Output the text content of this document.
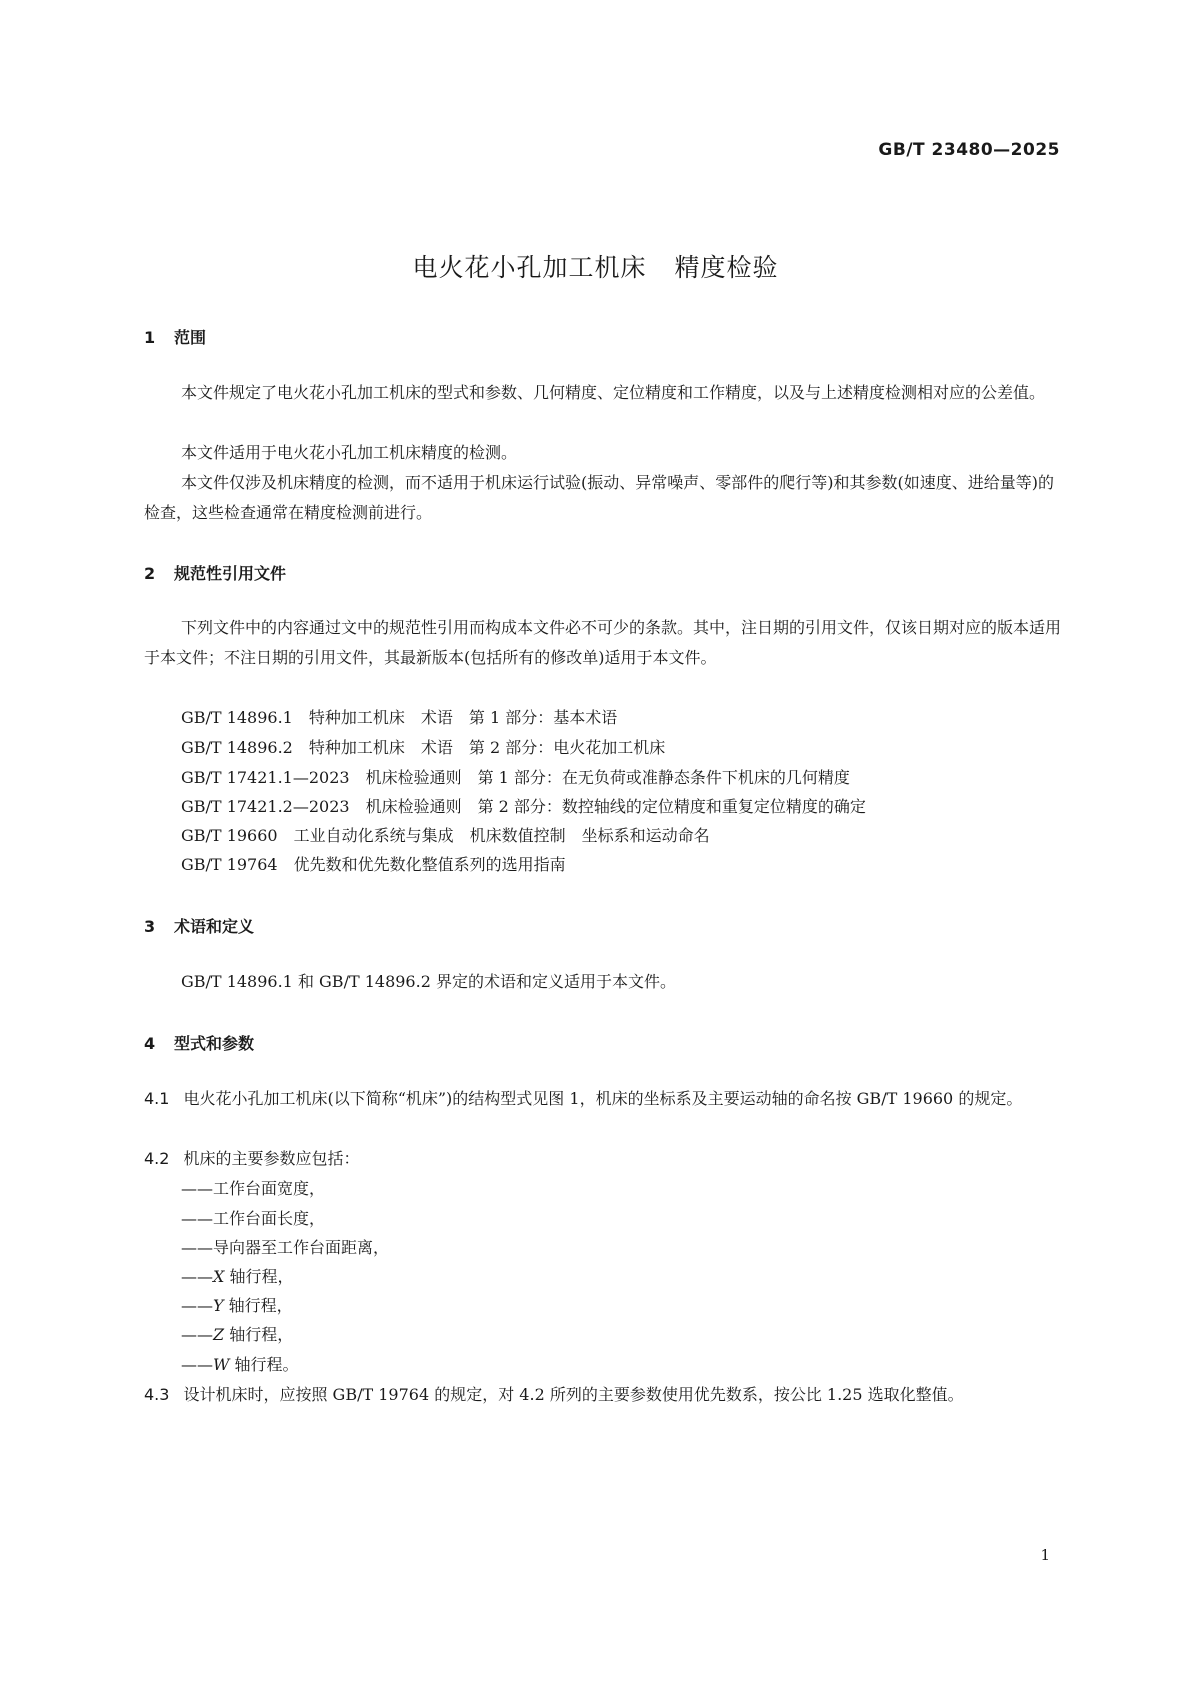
GB/T 23480—2025
电火花小孔加工机床 精度检验
1 范围
本文件规定了电火花小孔加工机床的型式和参数、几何精度、定位精度和工作精度，以及与上述精度检测相对应的公差值。
本文件适用于电火花小孔加工机床精度的检测。
本文件仅涉及机床精度的检测，而不适用于机床运行试验(振动、异常噪声、零部件的爬行等)和其参数(如速度、进给量等)的检查，这些检查通常在精度检测前进行。
2 规范性引用文件
下列文件中的内容通过文中的规范性引用而构成本文件必不可少的条款。其中，注日期的引用文件，仅该日期对应的版本适用于本文件；不注日期的引用文件，其最新版本(包括所有的修改单)适用于本文件。
GB/T 14896.1　特种加工机床　术语　第 1 部分：基本术语
GB/T 14896.2　特种加工机床　术语　第 2 部分：电火花加工机床
GB/T 17421.1—2023　机床检验通则　第 1 部分：在无负荷或准静态条件下机床的几何精度
GB/T 17421.2—2023　机床检验通则　第 2 部分：数控轴线的定位精度和重复定位精度的确定
GB/T 19660　工业自动化系统与集成　机床数值控制　坐标系和运动命名
GB/T 19764　优先数和优先数化整值系列的选用指南
3 术语和定义
GB/T 14896.1 和 GB/T 14896.2 界定的术语和定义适用于本文件。
4 型式和参数
4.1 电火花小孔加工机床(以下简称“机床”)的结构型式见图 1，机床的坐标系及主要运动轴的命名按 GB/T 19660 的规定。
4.2 机床的主要参数应包括：
——工作台面宽度，
——工作台面长度，
——导向器至工作台面距离，
——X 轴行程，
——Y 轴行程，
——Z 轴行程，
——W 轴行程。
4.3 设计机床时，应按照 GB/T 19764 的规定，对 4.2 所列的主要参数使用优先数系，按公比 1.25 选取化整值。
1
